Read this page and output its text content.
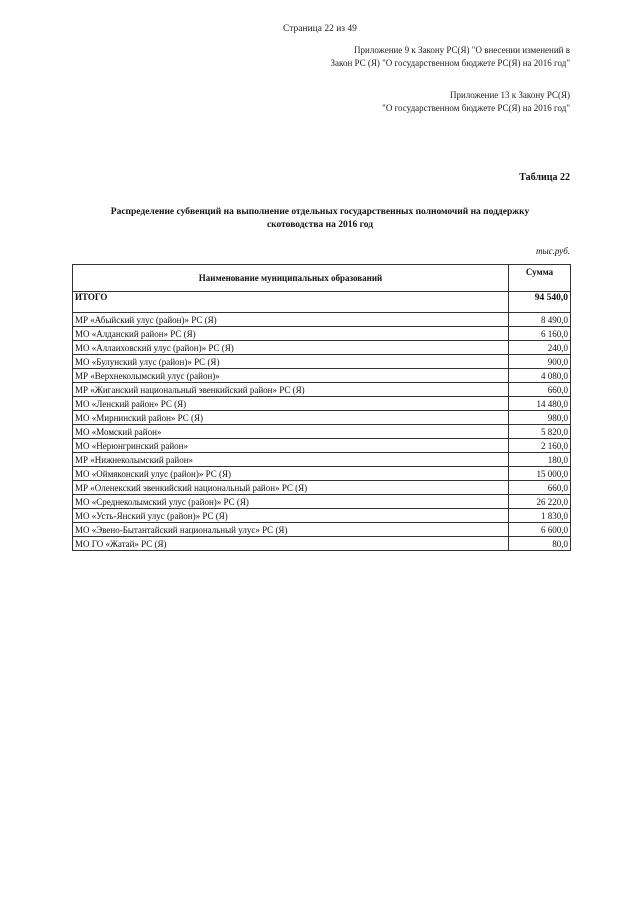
Страница 22 из 49
Приложение 9 к Закону РС(Я) "О внесении изменений в
Закон РС (Я) "О государственном бюджете РС(Я) на 2016 год"
Приложение 13 к Закону РС(Я)
"О государственном бюджете РС(Я) на 2016 год"
Таблица 22
Распределение субвенций на выполнение отдельных государственных полномочий на поддержку
скотоводства на 2016 год
тыс.руб.
Наименование муниципальных образований	Сумма
ИТОГО	94 540,0
МР «Абыйский улус (район)» РС (Я)	8 490,0
МО «Алданский район» РС (Я)	6 160,0
МО «Аллаиховский улус (район)» РС (Я)	240,0
МО «Булунский улус (район)» РС (Я)	900,0
МР «Верхнеколымский улус (район)»	4 080,0
МР «Жиганский национальный эвенкийский район» РС (Я)	660,0
МО «Ленский район» РС (Я)	14 480,0
МО «Мирнинский район» РС (Я)	980,0
МО «Момский район»	5 820,0
МО «Нерюнгринский район»	2 160,0
МР «Нижнеколымский район»	180,0
МО «Оймяконский улус (район)» РС (Я)	15 000,0
МР «Оленекский эвенкийский национальный район» РС (Я)	660,0
МО «Среднеколымский улус (район)» РС (Я)	26 220,0
МО «Усть-Янский улус (район)» РС (Я)	1 830,0
МО «Эвено-Бытантайский национальный улус» РС (Я)	6 600,0
МО ГО «Жатай» РС (Я)	80,0
